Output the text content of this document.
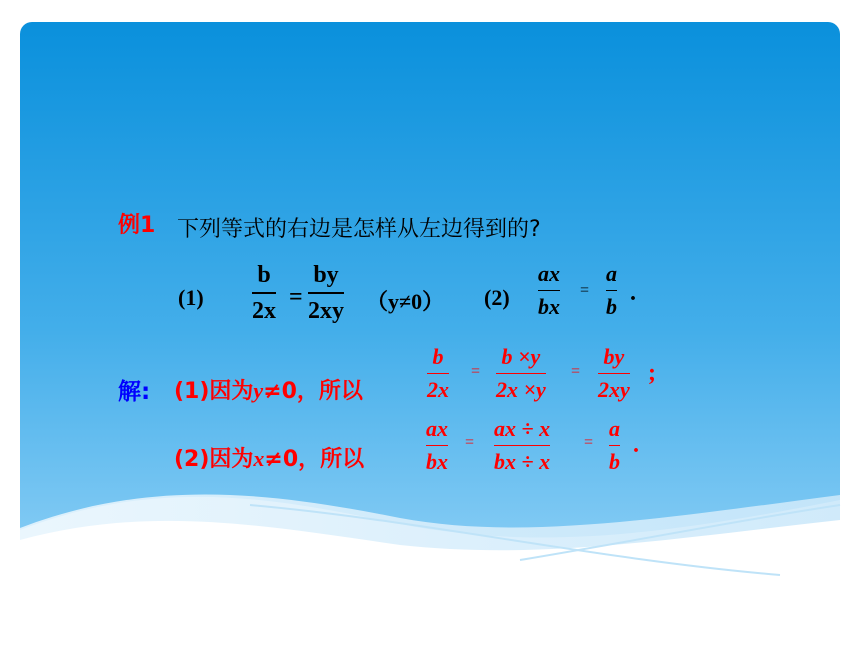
例1 下列等式的右边是怎样从左边得到的?
(1)
b
2x
=
by
2xy （y≠0） (2)
ax
bx
=
a
b
.
解: (1)因为y≠0，所以
b
2x
=
b ×y
2x ×y
=
by
2xy
;
(2)因为x≠0，所以
ax
bx
=
ax ÷ x
bx ÷ x
=
a
b
.
